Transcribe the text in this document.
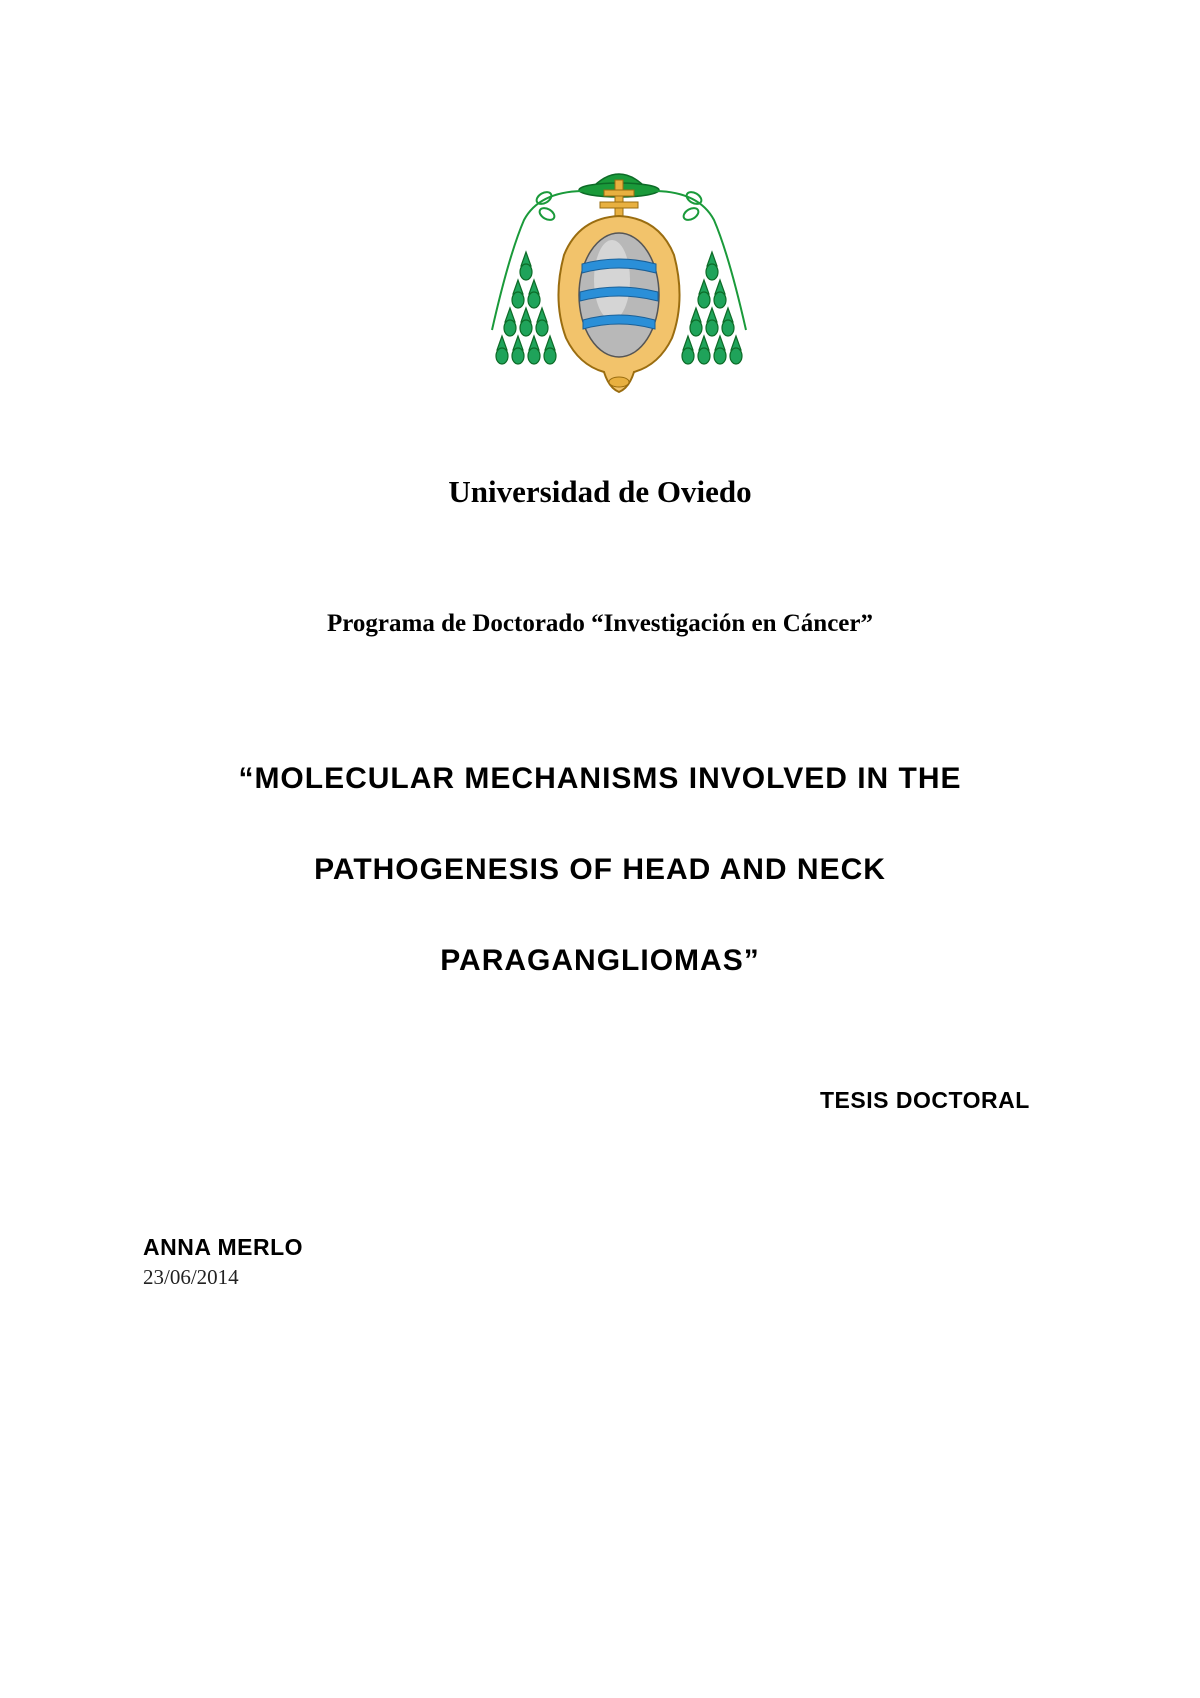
Universidad de Oviedo
Programa de Doctorado “Investigación en Cáncer”
“MOLECULAR MECHANISMS INVOLVED IN THE
PATHOGENESIS OF HEAD AND NECK
PARAGANGLIOMAS”
TESIS DOCTORAL
ANNA MERLO
23/06/2014
